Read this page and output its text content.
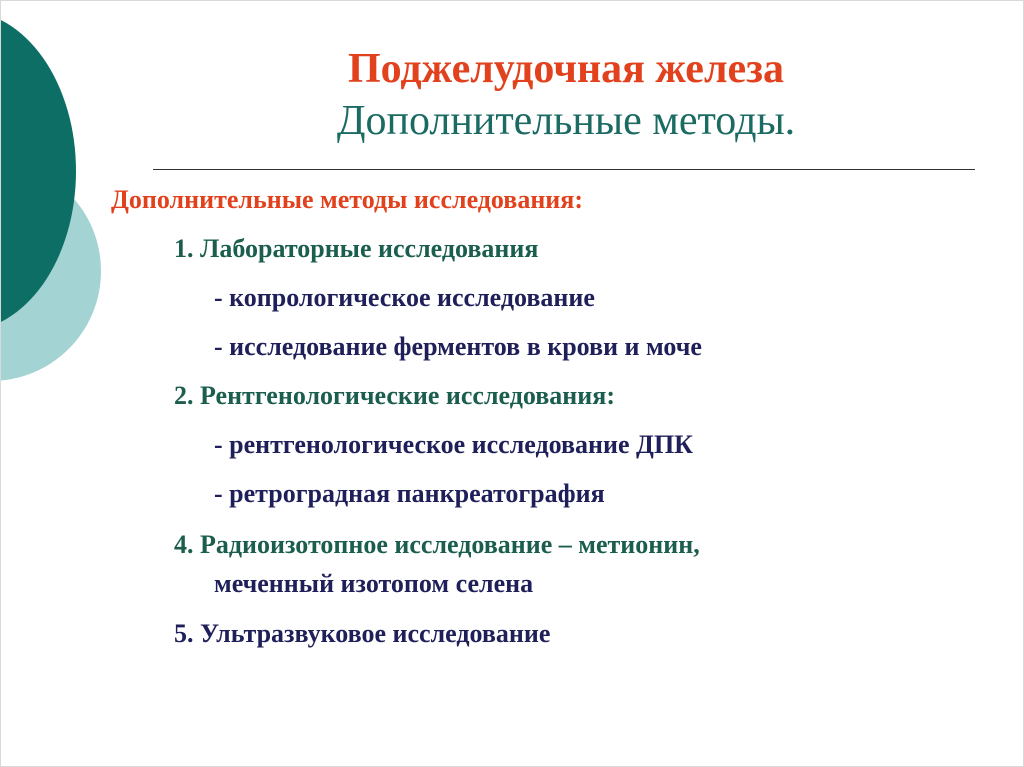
Поджелудочная железа
Дополнительные методы.
Дополнительные методы исследования:
1. Лабораторные исследования
- копрологическое исследование
- исследование ферментов в крови и моче
2. Рентгенологические исследования:
- рентгенологическое исследование ДПК
- ретроградная панкреатография
4. Радиоизотопное исследование – метионин,
меченный изотопом селена
5. Ультразвуковое исследование
